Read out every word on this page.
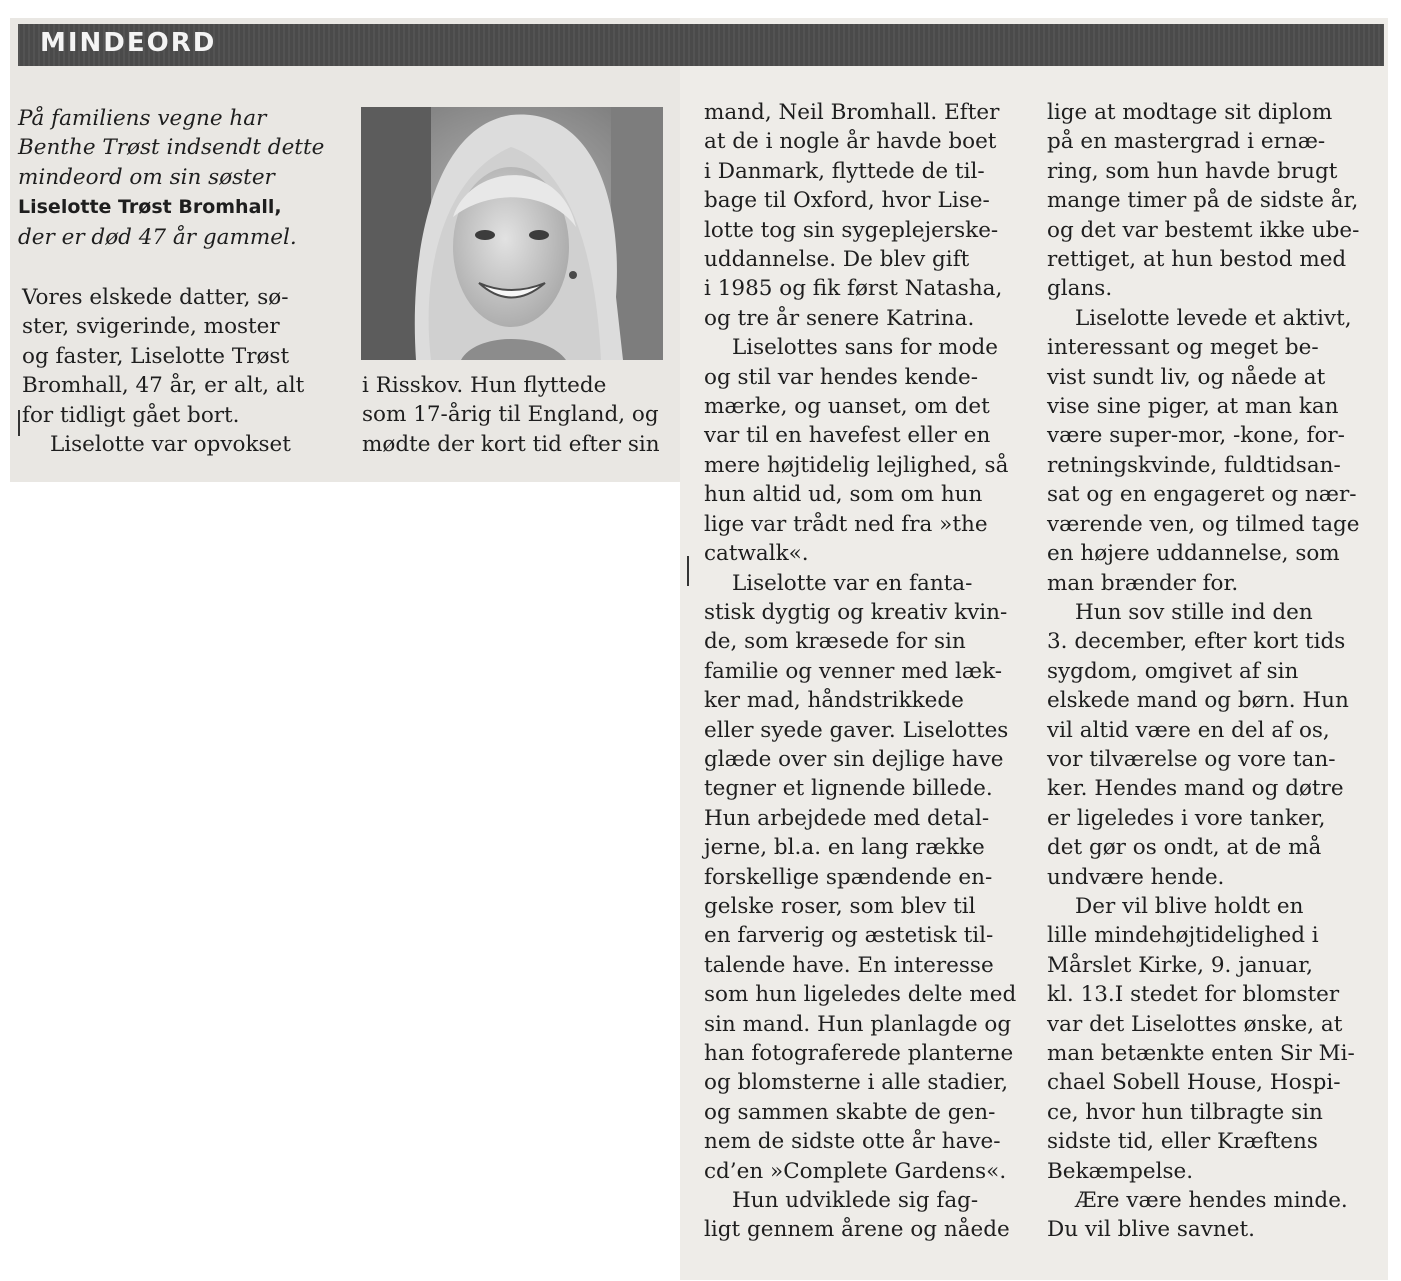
MINDEORD

På familiens vegne har
Benthe Trøst indsendt dette
mindeord om sin søster
Liselotte Trøst Bromhall,
der er død 47 år gammel.

Vores elskede datter, sø-
ster, svigerinde, moster
og faster, Liselotte Trøst
Bromhall, 47 år, er alt, alt
for tidligt gået bort.

Liselotte var opvokset

i Risskov. Hun flyttede
som 17-årig til England, og
mødte der kort tid efter sin

mand, Neil Bromhall. Efter
at de i nogle år havde boet
i Danmark, flyttede de til-
bage til Oxford, hvor Lise-
lotte tog sin sygeplejerske-
uddannelse. De blev gift
i 1985 og fik først Natasha,
og tre år senere Katrina.

Liselottes sans for mode
og stil var hendes kende-
mærke, og uanset, om det
var til en havefest eller en
mere højtidelig lejlighed, så
hun altid ud, som om hun
lige var trådt ned fra »the
catwalk«.

Liselotte var en fanta-
stisk dygtig og kreativ kvin-
de, som kræsede for sin
familie og venner med læk-
ker mad, håndstrikkede
eller syede gaver. Liselottes
glæde over sin dejlige have
tegner et lignende billede.
Hun arbejdede med detal-
jerne, bl.a. en lang række
forskellige spændende en-
gelske roser, som blev til
en farverig og æstetisk til-
talende have. En interesse
som hun ligeledes delte med
sin mand. Hun planlagde og
han fotograferede planterne
og blomsterne i alle stadier,
og sammen skabte de gen-
nem de sidste otte år have-
cd’en »Complete Gardens«.

Hun udviklede sig fag-
ligt gennem årene og nåede

lige at modtage sit diplom
på en mastergrad i ernæ-
ring, som hun havde brugt
mange timer på de sidste år,
og det var bestemt ikke ube-
rettiget, at hun bestod med
glans.

Liselotte levede et aktivt,
interessant og meget be-
vist sundt liv, og nåede at
vise sine piger, at man kan
være super-mor, -kone, for-
retningskvinde, fuldtidsan-
sat og en engageret og nær-
værende ven, og tilmed tage
en højere uddannelse, som
man brænder for.

Hun sov stille ind den
3. december, efter kort tids
sygdom, omgivet af sin
elskede mand og børn. Hun
vil altid være en del af os,
vor tilværelse og vore tan-
ker. Hendes mand og døtre
er ligeledes i vore tanker,
det gør os ondt, at de må
undvære hende.

Der vil blive holdt en
lille mindehøjtidelighed i
Mårslet Kirke, 9. januar,
kl. 13.I stedet for blomster
var det Liselottes ønske, at
man betænkte enten Sir Mi-
chael Sobell House, Hospi-
ce, hvor hun tilbragte sin
sidste tid, eller Kræftens
Bekæmpelse.

Ære være hendes minde.
Du vil blive savnet.
